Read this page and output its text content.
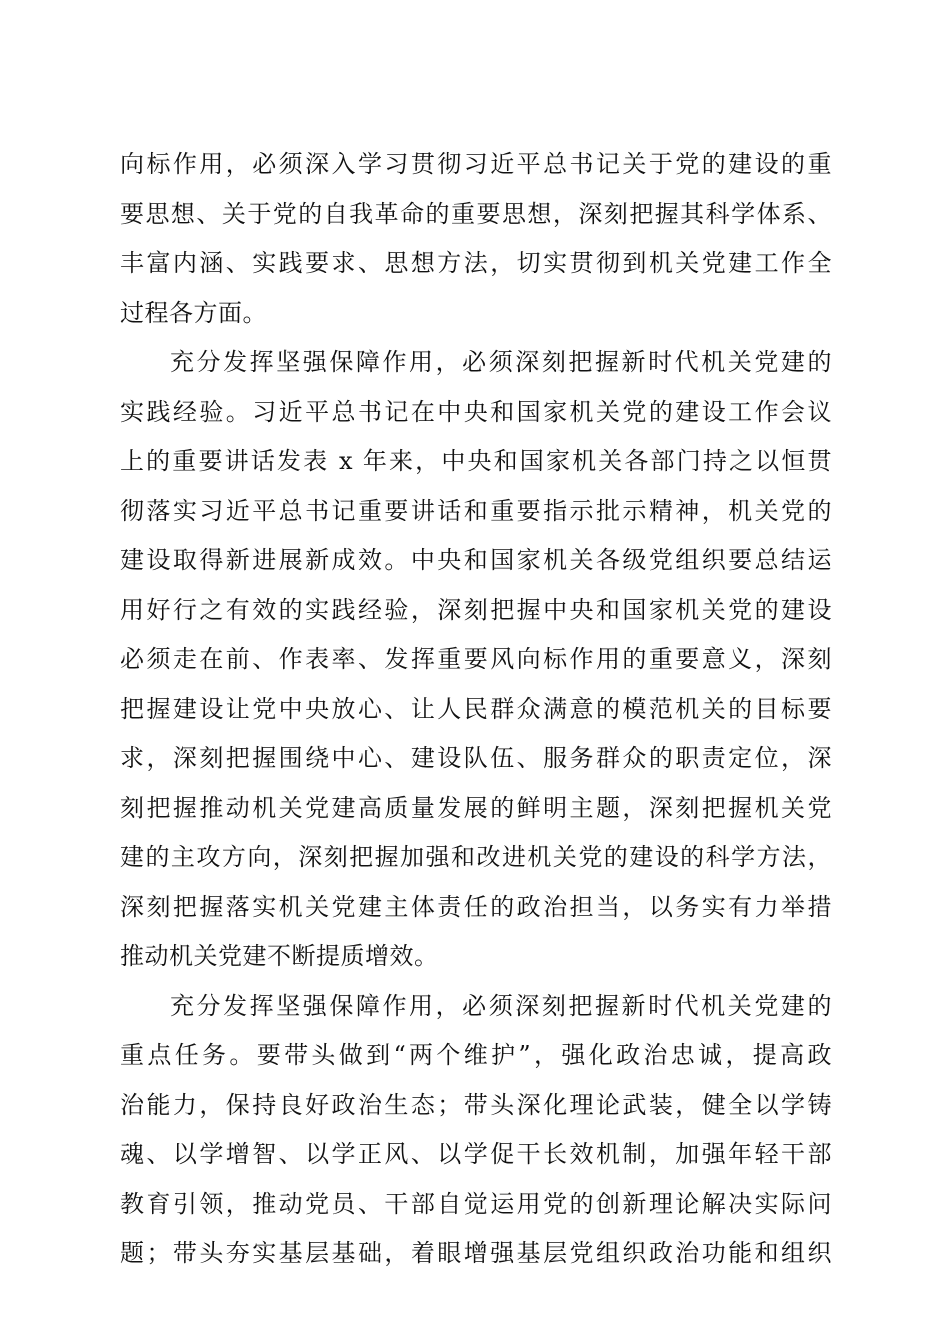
向标作用，必须深入学习贯彻习近平总书记关于党的建设的重
要思想、关于党的自我革命的重要思想，深刻把握其科学体系、
丰富内涵、实践要求、思想方法，切实贯彻到机关党建工作全
过程各方面。
充分发挥坚强保障作用，必须深刻把握新时代机关党建的
实践经验。习近平总书记在中央和国家机关党的建设工作会议
上的重要讲话发表 x 年来，中央和国家机关各部门持之以恒贯
彻落实习近平总书记重要讲话和重要指示批示精神，机关党的
建设取得新进展新成效。中央和国家机关各级党组织要总结运
用好行之有效的实践经验，深刻把握中央和国家机关党的建设
必须走在前、作表率、发挥重要风向标作用的重要意义，深刻
把握建设让党中央放心、让人民群众满意的模范机关的目标要
求，深刻把握围绕中心、建设队伍、服务群众的职责定位，深
刻把握推动机关党建高质量发展的鲜明主题，深刻把握机关党
建的主攻方向，深刻把握加强和改进机关党的建设的科学方法，
深刻把握落实机关党建主体责任的政治担当，以务实有力举措
推动机关党建不断提质增效。
充分发挥坚强保障作用，必须深刻把握新时代机关党建的
重点任务。要带头做到“两个维护”，强化政治忠诚，提高政
治能力，保持良好政治生态；带头深化理论武装，健全以学铸
魂、以学增智、以学正风、以学促干长效机制，加强年轻干部
教育引领，推动党员、干部自觉运用党的创新理论解决实际问
题；带头夯实基层基础，着眼增强基层党组织政治功能和组织
